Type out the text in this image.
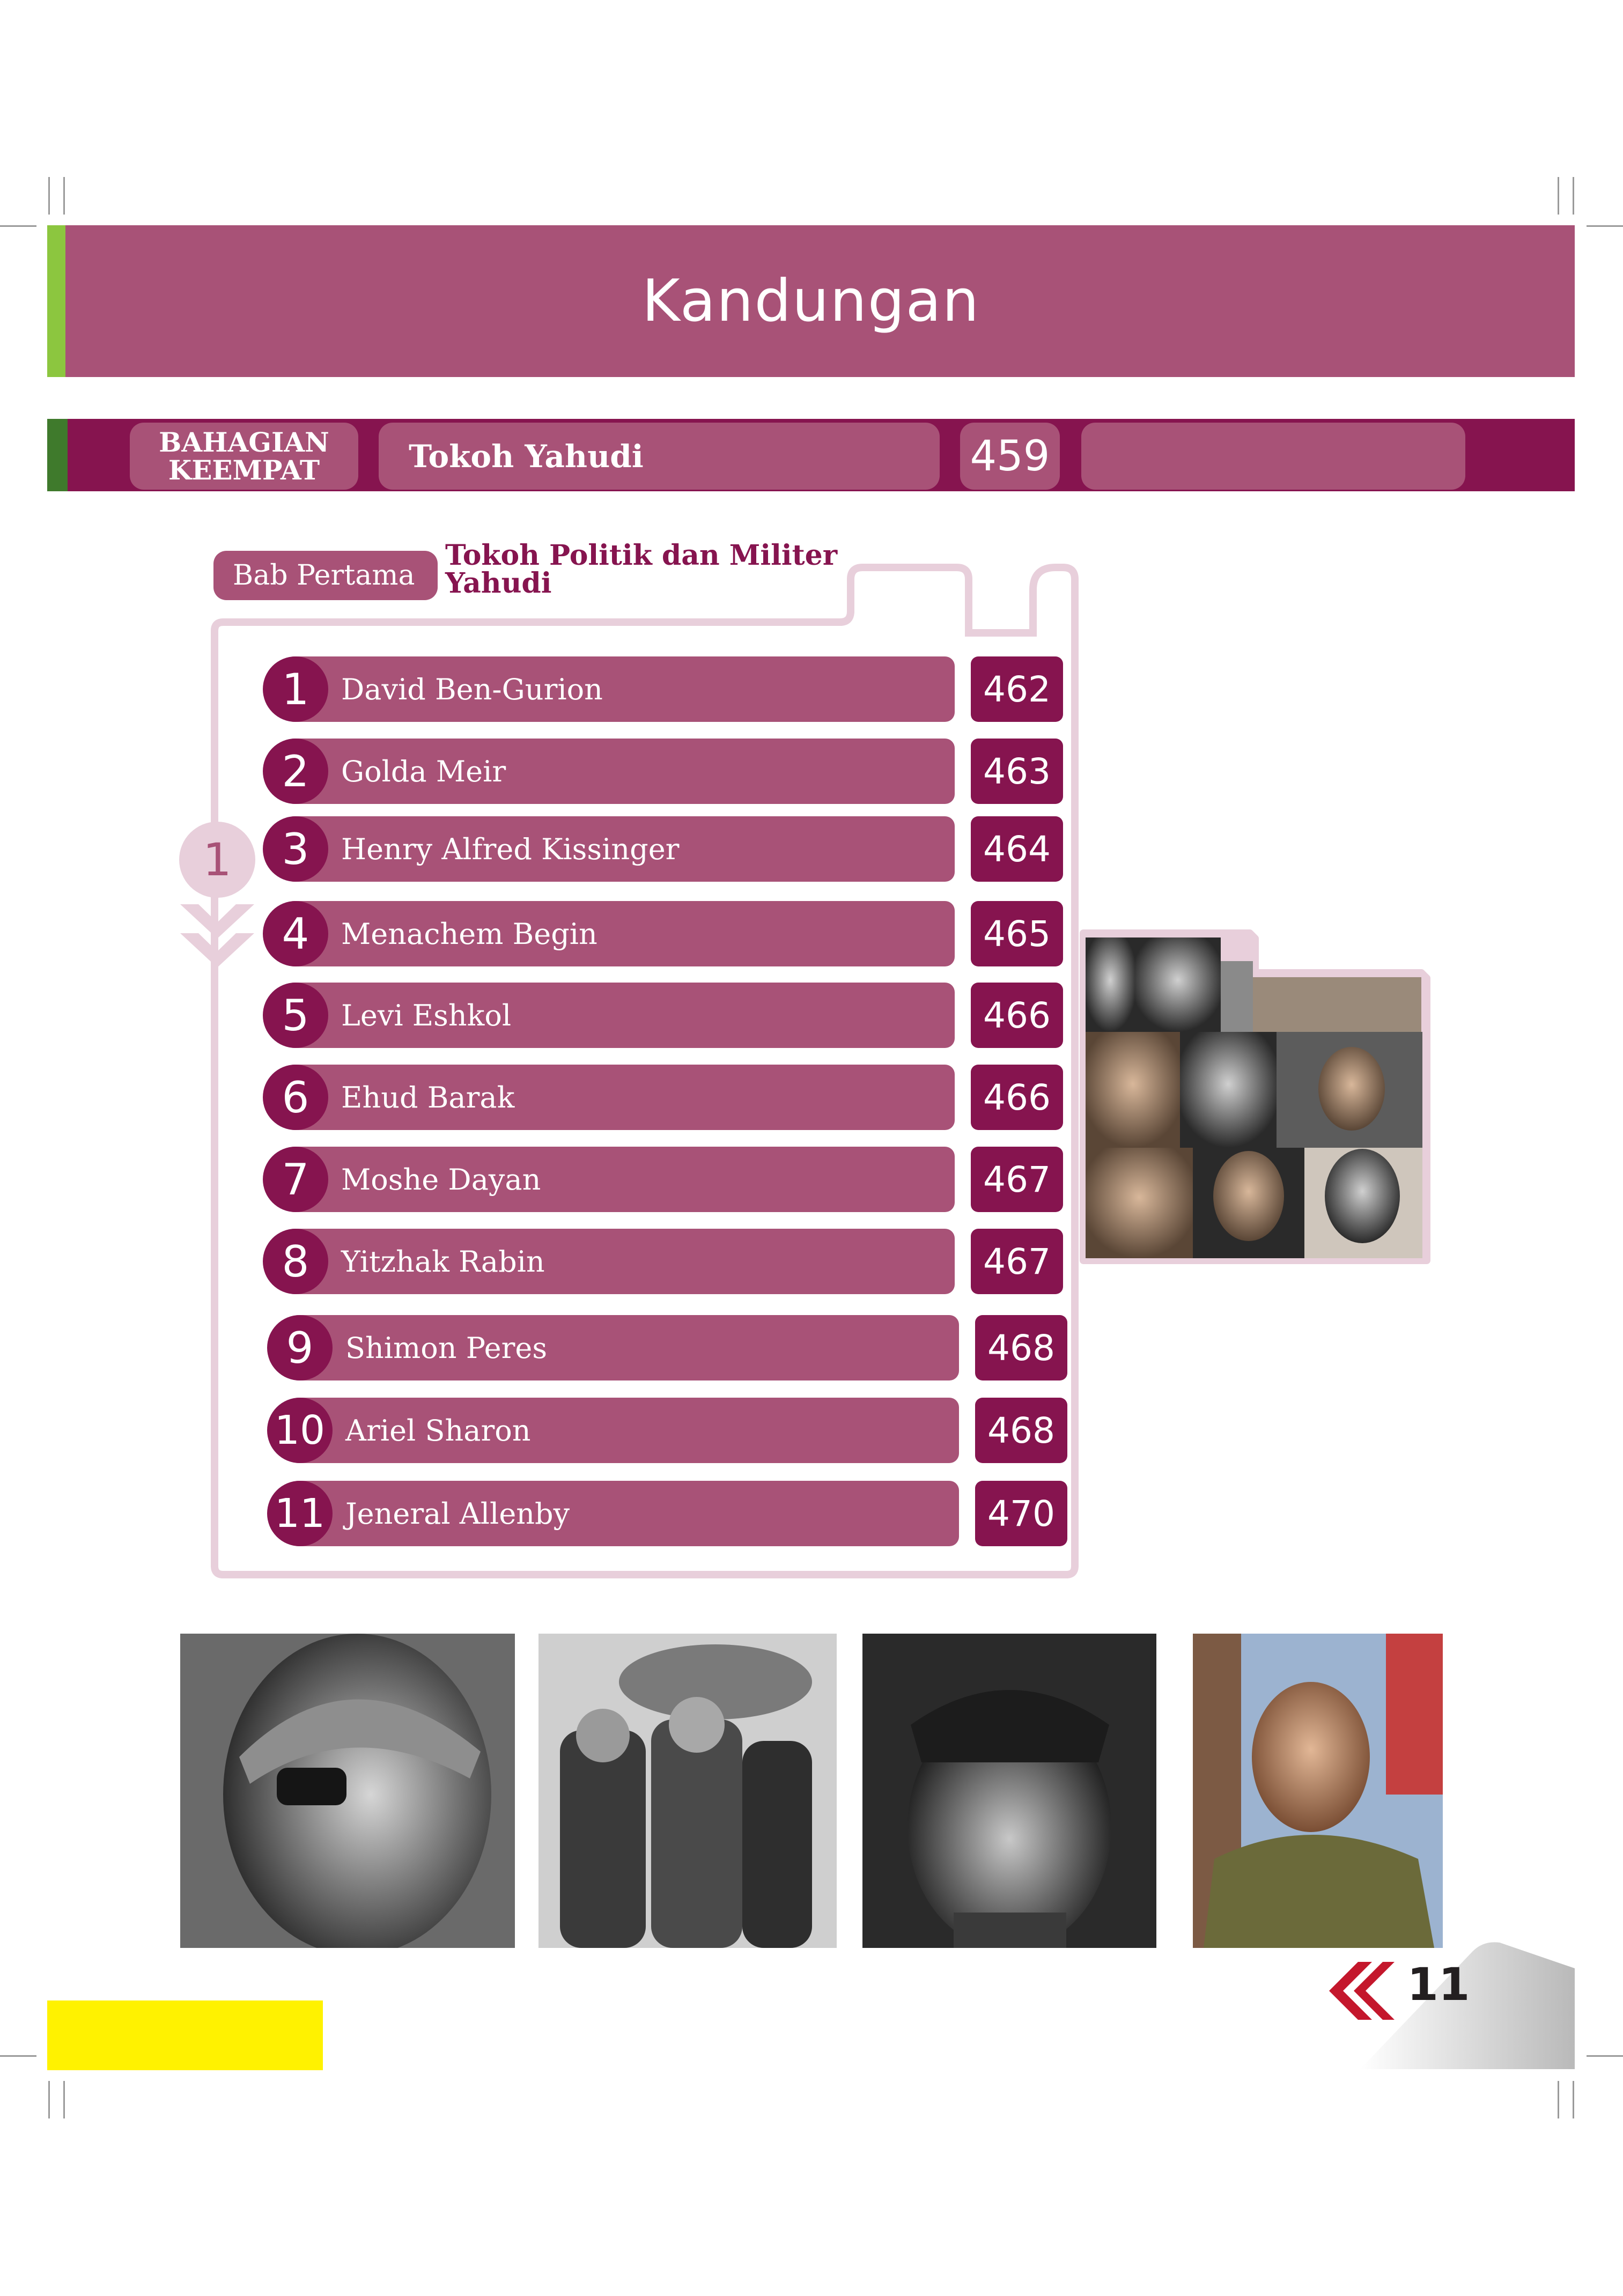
Kandungan
BAHAGIAN
KEEMPAT	Tokoh Yahudi	459
Bab Pertama
Tokoh Politik dan Militer
Yahudi
1
1	David Ben-Gurion	462
2	Golda Meir	463
3	Henry Alfred Kissinger	464
4	Menachem Begin	465
5	Levi Eshkol	466
6	Ehud Barak	466
7	Moshe Dayan	467
8	Yitzhak Rabin	467
9	Shimon Peres	468
10 Ariel Sharon	468
11 Jeneral Allenby	470
11
